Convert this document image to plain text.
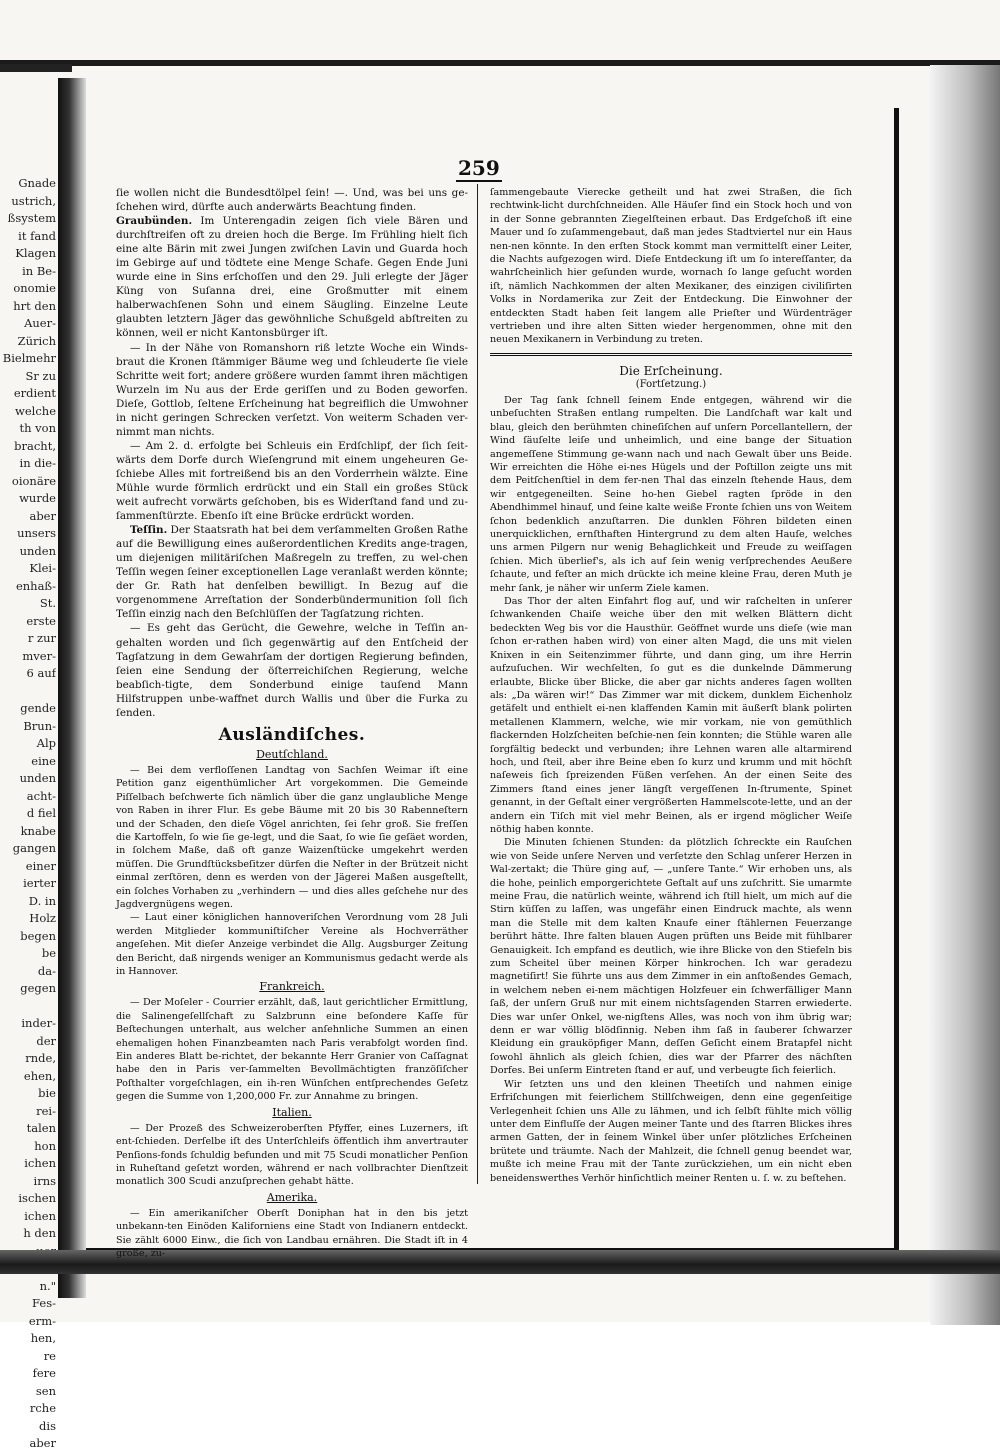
Gnade
ustrich,
ßsystem
it fand
Klagen
in Be-
onomie
hrt den
Auer-
Zürich
Bielmehr
Sr zu
erdient
welche
th von
bracht,
in die-
oionäre
wurde
aber
unsers
unden
Klei-
enhaß-
St.
erste
r zur
mver-
6 auf

gende
Brun-
Alp
eine
unden
acht-
d fiel
knabe
gangen
einer
ierter
D. in
Holz
begen
be
da-
gegen

inder-
der
rnde,
ehen,
bie
rei-
talen
hon
ichen
irns
ischen
ichen
h den
n."
Fes-
erm-
hen,
re
fere
sen
rche
dis
aber
259

ſie wollen nicht die Bundesdtölpel ſein! —. Und, was bei uns ge-ſchehen wird, dürfte auch anderwärts Beachtung finden.

Graubünden. Im Unterengadin zeigen ſich viele Bären und durchſtreifen oft zu dreien hoch die Berge. Im Frühling hielt ſich eine alte Bärin mit zwei Jungen zwiſchen Lavin und Guarda hoch im Gebirge auf und tödtete eine Menge Schafe. Gegen Ende Juni wurde eine in Sins erſchoſſen und den 29. Juli erlegte der Jäger Küng von Suſanna drei, eine Großmutter mit einem halberwachſenen Sohn und einem Säugling. Einzelne Leute glaubten letztern Jäger das gewöhnliche Schußgeld abſtreiten zu können, weil er nicht Kantonsbürger iſt.

— In der Nähe von Romanshorn riß letzte Woche ein Winds-braut die Kronen ſtämmiger Bäume weg und ſchleuderte ſie viele Schritte weit fort; andere größere wurden ſammt ihren mächtigen Wurzeln im Nu aus der Erde geriſſen und zu Boden geworfen. Dieſe, Gottlob, ſeltene Erſcheinung hat begreiflich die Umwohner in nicht geringen Schrecken verſetzt. Von weiterm Schaden ver-nimmt man nichts.

— Am 2. d. erfolgte bei Schleuis ein Erdſchlipf, der ſich ſeit-wärts dem Dorfe durch Wieſengrund mit einem ungeheuren Ge-ſchiebe Alles mit fortreißend bis an den Vorderrhein wälzte. Eine Mühle wurde förmlich erdrückt und ein Stall ein großes Stück weit aufrecht vorwärts geſchoben, bis es Widerſtand fand und zu-ſammenſtürzte. Ebenſo iſt eine Brücke erdrückt worden.

Teſſin. Der Staatsrath hat bei dem verſammelten Großen Rathe auf die Bewilligung eines außerordentlichen Kredits ange-tragen, um diejenigen militäriſchen Maßregeln zu treffen, zu wel-chen Teſſin wegen ſeiner exceptionellen Lage veranlaßt werden könnte; der Gr. Rath hat denſelben bewilligt. In Bezug auf die vorgenommene Arreſtation der Sonderbündermunition ſoll ſich Teſſin einzig nach den Beſchlüſſen der Tagſatzung richten.

— Es geht das Gerücht, die Gewehre, welche in Teſſin an-gehalten worden und ſich gegenwärtig auf den Entſcheid der Tagſatzung in dem Gewahrſam der dortigen Regierung befinden, ſeien eine Sendung der öſterreichiſchen Regierung, welche beabſich-tigte, dem Sonderbund einige tauſend Mann Hilfstruppen unbe-waffnet durch Wallis und über die Furka zu ſenden.

Ausländiſches.
Deutſchland.

— Bei dem verfloſſenen Landtag von Sachſen Weimar iſt eine Petition ganz eigenthümlicher Art vorgekommen. Die Gemeinde Piſſelbach beſchwerte ſich nämlich über die ganz unglaubliche Menge von Raben in ihrer Flur. Es gebe Bäume mit 20 bis 30 Rabenneſtern und der Schaden, den dieſe Vögel anrichten, ſei ſehr groß. Sie freſſen die Kartoffeln, ſo wie ſie ge-legt, und die Saat, ſo wie ſie geſäet worden, in ſolchem Maße, daß oft ganze Waizenſtücke umgekehrt werden müſſen. Die Grundſtücksbeſitzer dürfen die Neſter in der Brützeit nicht einmal zerſtören, denn es werden von der Jägerei Maßen ausgeſtellt, ein ſolches Vorhaben zu „verhindern — und dies alles geſchehe nur des Jagdvergnügens wegen.

— Laut einer königlichen hannoveriſchen Verordnung vom 28 Juli werden Mitglieder kommuniſtiſcher Vereine als Hochverräther angeſehen. Mit dieſer Anzeige verbindet die Allg. Augsburger Zeitung den Bericht, daß nirgends weniger an Kommunismus gedacht werde als in Hannover.

Frankreich.

— Der Moſeler - Courrier erzählt, daß, laut gerichtlicher Ermittlung, die Salinengeſellſchaft zu Salzbrunn eine beſondere Kaſſe für Beſtechungen unterhalt, aus welcher anſehnliche Summen an einen ehemaligen hohen Finanzbeamten nach Paris verabfolgt worden ſind. Ein anderes Blatt be-richtet, der bekannte Herr Granier von Caſſagnat habe den in Paris ver-ſammelten Bevollmächtigten franzöſiſcher Poſthalter vorgeſchlagen, ein ih-ren Wünſchen entſprechendes Geſetz gegen die Summe von 1,200,000 Fr. zur Annahme zu bringen.

Italien.

— Der Prozeß des Schweizeroberſten Pfyffer, eines Luzerners, iſt ent-ſchieden. Derſelbe iſt des Unterſchleifs öffentlich ihm anvertrauter Penſions-fonds ſchuldig befunden und mit 75 Scudi monatlicher Penſion in Ruheſtand geſetzt worden, während er nach vollbrachter Dienſtzeit monatlich 300 Scudi anzuſprechen gehabt hätte.

Amerika.

— Ein amerikaniſcher Oberſt Doniphan hat in den bis jetzt unbekann-ten Einöden Kaliforniens eine Stadt von Indianern entdeckt. Sie zählt 6000 Einw., die ſich von Landbau ernähren. Die Stadt iſt in 4 große, zu-

ſammengebaute Vierecke getheilt und hat zwei Straßen, die ſich rechtwink-licht durchſchneiden. Alle Häuſer ſind ein Stock hoch und von in der Sonne gebrannten Ziegelſteinen erbaut. Das Erdgeſchoß iſt eine Mauer und ſo zuſammengebaut, daß man jedes Stadtviertel nur ein Haus nen-nen könnte. In den erſten Stock kommt man vermittelſt einer Leiter, die Nachts aufgezogen wird. Dieſe Entdeckung iſt um ſo intereſſanter, da wahrſcheinlich hier geſunden wurde, wornach ſo lange geſucht worden iſt, nämlich Nachkommen der alten Mexikaner, des einzigen civiliſirten Volks in Nordamerika zur Zeit der Entdeckung. Die Einwohner der entdeckten Stadt haben ſeit langem alle Prieſter und Würdenträger vertrieben und ihre alten Sitten wieder hergenommen, ohne mit den neuen Mexikanern in Verbindung zu treten.

Die Erſcheinung.
(Fortſetzung.)

Der Tag ſank ſchnell ſeinem Ende entgegen, während wir die unbeſuchten Straßen entlang rumpelten. Die Landſchaft war kalt und blau, gleich den berühmten chineſiſchen auf unſern Porcellantellern, der Wind ſäuſelte leiſe und unheimlich, und eine bange der Situation angemeſſene Stimmung ge-wann nach und nach Gewalt über uns Beide. Wir erreichten die Höhe ei-nes Hügels und der Poſtillon zeigte uns mit dem Peitſchenſtiel in dem fer-nen Thal das einzeln ſtehende Haus, dem wir entgegeneilten. Seine ho-hen Giebel ragten ſpröde in den Abendhimmel hinauf, und ſeine kalte weiße Fronte ſchien uns von Weitem ſchon bedenklich anzuſtarren. Die dunklen Föhren bildeten einen unerquicklichen, ernſthaften Hintergrund zu dem alten Hauſe, welches uns armen Pilgern nur wenig Behaglichkeit und Freude zu weiſſagen ſchien. Mich überlief's, als ich auf ſein wenig verſprechendes Aeußere ſchaute, und feſter an mich drückte ich meine kleine Frau, deren Muth je mehr ſank, je näher wir unſerm Ziele kamen.

Das Thor der alten Einfahrt flog auf, und wir raſchelten in unſerer ſchwankenden Chaiſe weiche über den mit welken Blättern dicht bedeckten Weg bis vor die Hausthür. Geöffnet wurde uns dieſe (wie man ſchon er-rathen haben wird) von einer alten Magd, die uns mit vielen Knixen in ein Seitenzimmer führte, und dann ging, um ihre Herrin aufzuſuchen. Wir wechſelten, ſo gut es die dunkelnde Dämmerung erlaubte, Blicke über Blicke, die aber gar nichts anderes ſagen wollten als: „Da wären wir!“ Das Zimmer war mit dickem, dunklem Eichenholz getäfelt und enthielt ei-nen klaffenden Kamin mit äußerſt blank polirten metallenen Klammern, welche, wie mir vorkam, nie von gemüthlich flackernden Holzſcheiten beſchie-nen ſein konnten; die Stühle waren alle ſorgfältig bedeckt und verbunden; ihre Lehnen waren alle altarmirend hoch, und ſteil, aber ihre Beine eben ſo kurz und krumm und mit höchſt naſeweis ſich ſpreizenden Füßen verſehen. An der einen Seite des Zimmers ſtand eines jener längſt vergeſſenen In-ſtrumente, Spinet genannt, in der Geſtalt einer vergrößerten Hammelscote-lette, und an der andern ein Tiſch mit viel mehr Beinen, als er irgend möglicher Weiſe nöthig haben konnte.

Die Minuten ſchienen Stunden: da plötzlich ſchreckte ein Rauſchen wie von Seide unſere Nerven und verſetzte den Schlag unſerer Herzen in Wal-zertakt; die Thüre ging auf, — „unſere Tante.“ Wir erhoben uns, als die hohe, peinlich emporgerichtete Geſtalt auf uns zuſchritt. Sie umarmte meine Frau, die natürlich weinte, während ich ſtill hielt, um mich auf die Stirn küſſen zu laſſen, was ungefähr einen Eindruck machte, als wenn man die Stelle mit dem kalten Knaufe einer ſtählernen Feuerzange berührt hätte. Ihre falten blauen Augen prüften uns Beide mit fühlbarer Genauigkeit. Ich empfand es deutlich, wie ihre Blicke von den Stiefeln bis zum Scheitel über meinen Körper hinkrochen. Ich war geradezu magnetiſirt! Sie führte uns aus dem Zimmer in ein anſtoßendes Gemach, in welchem neben ei-nem mächtigen Holzfeuer ein ſchwerfälliger Mann ſaß, der unſern Gruß nur mit einem nichtsſagenden Starren erwiederte. Dies war unſer Onkel, we-nigſtens Alles, was noch von ihm übrig war; denn er war völlig blödſinnig. Neben ihm ſaß in ſauberer ſchwarzer Kleidung ein grauköpfiger Mann, deſſen Geſicht einem Bratapfel nicht ſowohl ähnlich als gleich ſchien, dies war der Pfarrer des nächſten Dorfes. Bei unſerm Eintreten ſtand er auf, und verbeugte ſich feierlich.

Wir ſetzten uns und den kleinen Theetiſch und nahmen einige Erfriſchungen mit feierlichem Stillſchweigen, denn eine gegenſeitige Verlegenheit ſchien uns Alle zu lähmen, und ich ſelbſt fühlte mich völlig unter dem Einfluſſe der Augen meiner Tante und des ſtarren Blickes ihres armen Gatten, der in ſeinem Winkel über unſer plötzliches Erſcheinen brütete und träumte. Nach der Mahlzeit, die ſchnell genug beendet war, mußte ich meine Frau mit der Tante zurückziehen, um ein nicht eben beneidenswerthes Verhör hinſichtlich meiner Renten u. ſ. w. zu beſtehen.
